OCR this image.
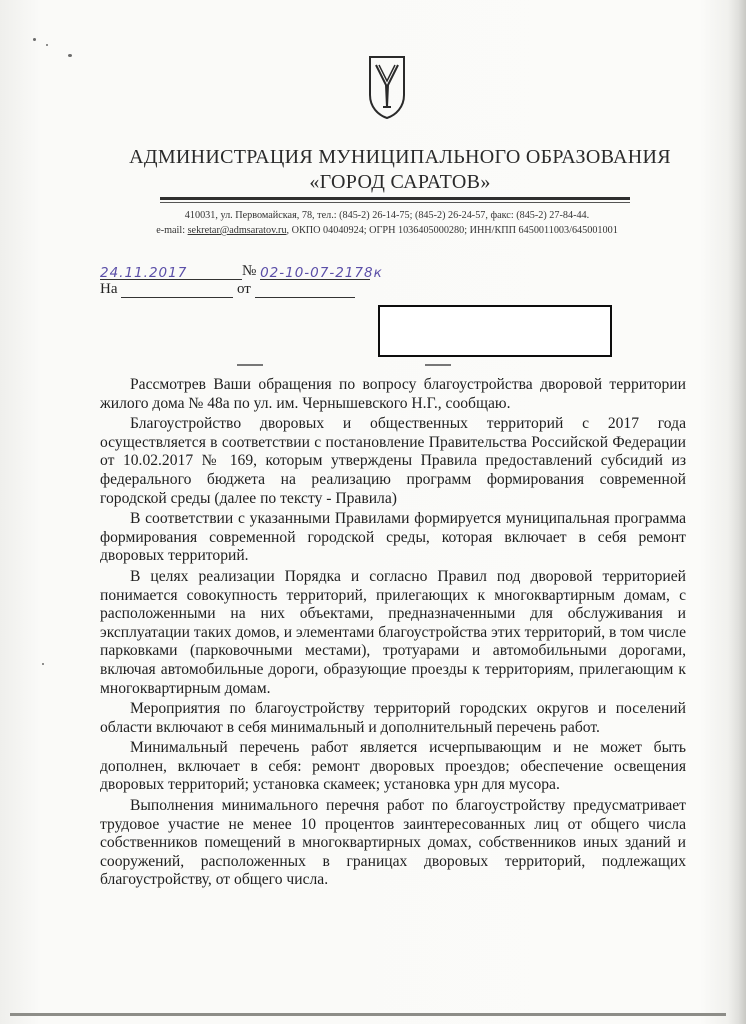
АДМИНИСТРАЦИЯ МУНИЦИПАЛЬНОГО ОБРАЗОВАНИЯ
«ГОРОД САРАТОВ»
410031, ул. Первомайская, 78, тел.: (845-2) 26-14-75; (845-2) 26-24-57, факс: (845-2) 27-84-44.
e-mail: sekretar@admsaratov.ru, ОКПО 04040924; ОГРН 1036405000280; ИНН/КПП 6450011003/645001001
24.11.2017	№ 02-10-07-2178к
На	от

Рассмотрев Ваши обращения по вопросу благоустройства дворовой территории жилого дома № 48а по ул. им. Чернышевского Н.Г., сообщаю.

Благоустройство дворовых и общественных территорий с 2017 года осуществляется в соответствии с постановление Правительства Российской Федерации от 10.02.2017 № 169, которым утверждены Правила предоставлений субсидий из федерального бюджета на реализацию программ формирования современной городской среды (далее по тексту - Правила)

В соответствии с указанными Правилами формируется муниципальная программа формирования современной городской среды, которая включает в себя ремонт дворовых территорий.

В целях реализации Порядка и согласно Правил под дворовой территорией понимается совокупность территорий, прилегающих к многоквартирным домам, с расположенными на них объектами, предназначенными для обслуживания и эксплуатации таких домов, и элементами благоустройства этих территорий, в том числе парковками (парковочными местами), тротуарами и автомобильными дорогами, включая автомобильные дороги, образующие проезды к территориям, прилегающим к многоквартирным домам.

Мероприятия по благоустройству территорий городских округов и поселений области включают в себя минимальный и дополнительный перечень работ.

Минимальный перечень работ является исчерпывающим и не может быть дополнен, включает в себя: ремонт дворовых проездов; обеспечение освещения дворовых территорий; установка скамеек; установка урн для мусора.

Выполнения минимального перечня работ по благоустройству предусматривает трудовое участие не менее 10 процентов заинтересованных лиц от общего числа собственников помещений в многоквартирных домах, собственников иных зданий и сооружений, расположенных в границах дворовых территорий, подлежащих благоустройству, от общего числа.
